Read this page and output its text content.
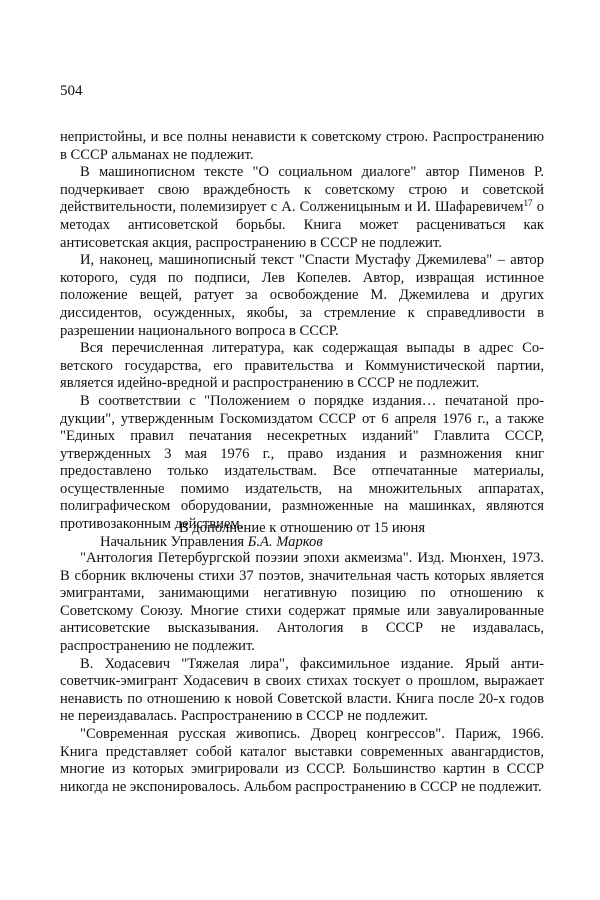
504

непристойны, и все полны ненависти к советскому строю. Распространению в СССР альманах не подлежит.

В машинописном тексте "О социальном диалоге" автор Пименов Р. подчеркивает свою враждебность к советскому строю и советской действительности, полемизирует с А. Солженицыным и И. Шафаревичем$^{17}$ о методах антисоветской борьбы. Книга может расцениваться как антисоветская акция, распространению в СССР не подлежит.

И, наконец, машинописный текст "Спасти Мустафу Джемилева" – автор которого, судя по подписи, Лев Копелев. Автор, извращая истинное положение вещей, ратует за освобождение М. Джемилева и других диссидентов, осужденных, якобы, за стремление к справедливости в разрешении национального вопроса в СССР.

Вся перечисленная литература, как содержащая выпады в адрес Советского государства, его правительства и Коммунистической партии, является идейно-вредной и распространению в СССР не подлежит.

В соответствии с "Положением о порядке издания… печатаной продукции", утвержденным Госкомиздатом СССР от 6 апреля 1976 г., а также "Единых правил печатания несекретных изданий" Главлита СССР, утвержденных 3 мая 1976 г., право издания и размножения книг предоставлено только издательствам. Все отпечатанные материалы, осуществленные помимо издательств, на множительных аппаратах, полиграфическом оборудовании, размноженные на машинках, являются противозаконным действием.

Начальник Управления Б.А. Марков

В дополнение к отношению от 15 июня

"Антология Петербургской поэзии эпохи акмеизма". Изд. Мюнхен, 1973. В сборник включены стихи 37 поэтов, значительная часть которых является эмигрантами, занимающими негативную позицию по отношению к Советскому Союзу. Многие стихи содержат прямые или завуалированные антисоветские высказывания. Антология в СССР не издавалась, распространению не подлежит.

В. Ходасевич "Тяжелая лира", факсимильное издание. Ярый антисоветчик-эмигрант Ходасевич в своих стихах тоскует о прошлом, выражает ненависть по отношению к новой Советской власти. Книга после 20-х годов не переиздавалась. Распространению в СССР не подлежит.

"Современная русская живопись. Дворец конгрессов". Париж, 1966. Книга представляет собой каталог выставки современных авангардистов, многие из которых эмигрировали из СССР. Большинство картин в СССР никогда не экспонировалось. Альбом распространению в СССР не подлежит.
